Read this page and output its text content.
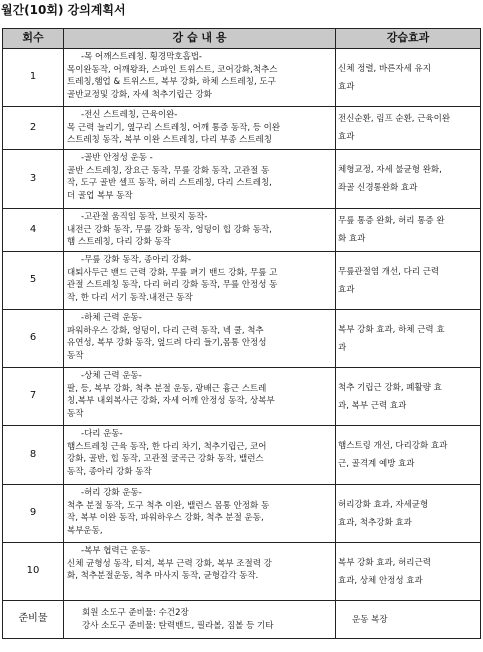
월간(10회) 강의계획서
회수	강 습 내 용	강습효과
1	-목 어깨스트레칭. 횡경막호흡법-
목이완동작, 어깨왕좌, 스파인 트위스트, 코어강화,척추스
트레칭,햄업 & 트위스트, 복부 강화, 하체 스트레칭, 도구
골반교정및 강화, 자세 척추기립근 강화	신체 정렬, 바른자세 유지
효과

2	-전신 스트레칭, 근육이완-
목 근력 늘리기, 옆구리 스트레칭, 어깨 통증 동작, 등 이완
스트레칭 동작, 복부 이완 스트레칭, 다리 부종 스트레칭	전신순환, 림프 순환, 근육이완
효과

3	-골반 안정성 운동 -
골반 스트레칭, 장요근 동작, 무릎 강화 동작, 고관절 동
작, 도구 골반 셀프 동작, 허리 스트레칭, 다리 스트레칭,
더 골업 복부 동작	체형교정, 자세 불균형 완화,
좌골 신경통완화 효과

4	-고관절 움직임 동작, 브릿지 동작-
내전근 강화 동작, 무릎 강화 동작, 엉덩이 힙 강화 동작,
햄 스트레칭, 다리 강화 동작	무릎 통증 완화, 허리 통증 완
화 효과

5	-무릎 강화 동작, 종아리 강화-
대퇴사두근 밴드 근력 강화, 무릎 펴기 밴드 강화, 무릎 고
관절 스트레칭 동작, 다리 허리 강화 동작, 무릎 안정성 동
작, 한 다리 서기 동작.내전근 동작	무릎관절염 개선, 다리 근력
효과

6	-하체 근력 운동-
파워하우스 강화, 엉덩이, 다리 근력 동작, 넥 쿨, 척추
유연성, 복부 강화 동작, 엎드려 다리 들기,몸통 안정성
동작	복부 강화 효과, 하체 근력 효
과

7	-상체 근력 운동-
팔, 등, 복부 강화, 척추 분절 운동, 광배근 흉근 스트레
칭,복부 내외복사근 강화, 자세 어깨 안정성 동작, 상복부
동작	척추 기립근 강화, 폐활량 효
과, 복부 근력 효과

8	-다리 운동-
햄스트레칭 근육 동작, 한 다리 차기, 척추기립근, 코어
강화, 골반, 힙 동작, 고관절 굴곡근 강화 동작, 밸런스
동작, 종아리 강화 동작	햄스트링 개선, 다리강화 효과
근, 골격계 예방 효과

9	-허리 강화 운동-
척추 분절 동작, 도구 척추 이완, 밸런스 몸통 안정화 동
작, 복부 이완 동작, 파워하우스 강화, 척추 분절 운동,
복부운동,	허리강화 효과, 자세균형
효과, 척추강화 효과

10	-복부 협력근 운동-
신체 균형성 동작, 티져, 복부 근력 강화, 복부 조절력 강
화, 척추분절운동, 척추 마사지 동작, 균형감각 동작.	복부 강화 효과, 허리근력
효과, 상체 안정성 효과

준비물	회원 소도구 준비물: 수건2장
강사 소도구 준비물: 탄력밴드, 필라볼, 짐볼 등 기타	운동 복장
